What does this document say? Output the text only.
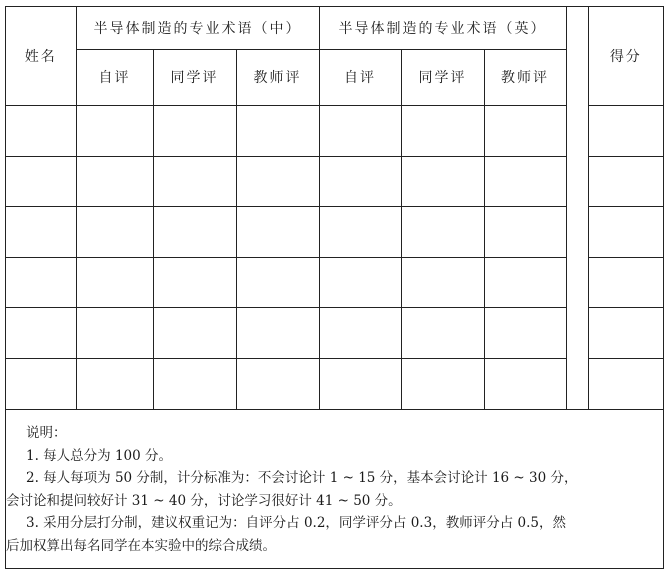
姓名	半导体制造的专业术语（中）			半导体制造的专业术语（英）				得分
	自评	同学评	教师评	自评	同学评	教师评		

说明：
1. 每人总分为 100 分。
2. 每人每项为 50 分制，计分标准为：不会讨论计 1 ~ 15 分，基本会讨论计 16 ~ 30 分，
会讨论和提问较好计 31 ~ 40 分，讨论学习很好计 41 ~ 50 分。
3. 采用分层打分制，建议权重记为：自评分占 0.2，同学评分占 0.3，教师评分占 0.5，然
后加权算出每名同学在本实验中的综合成绩。
